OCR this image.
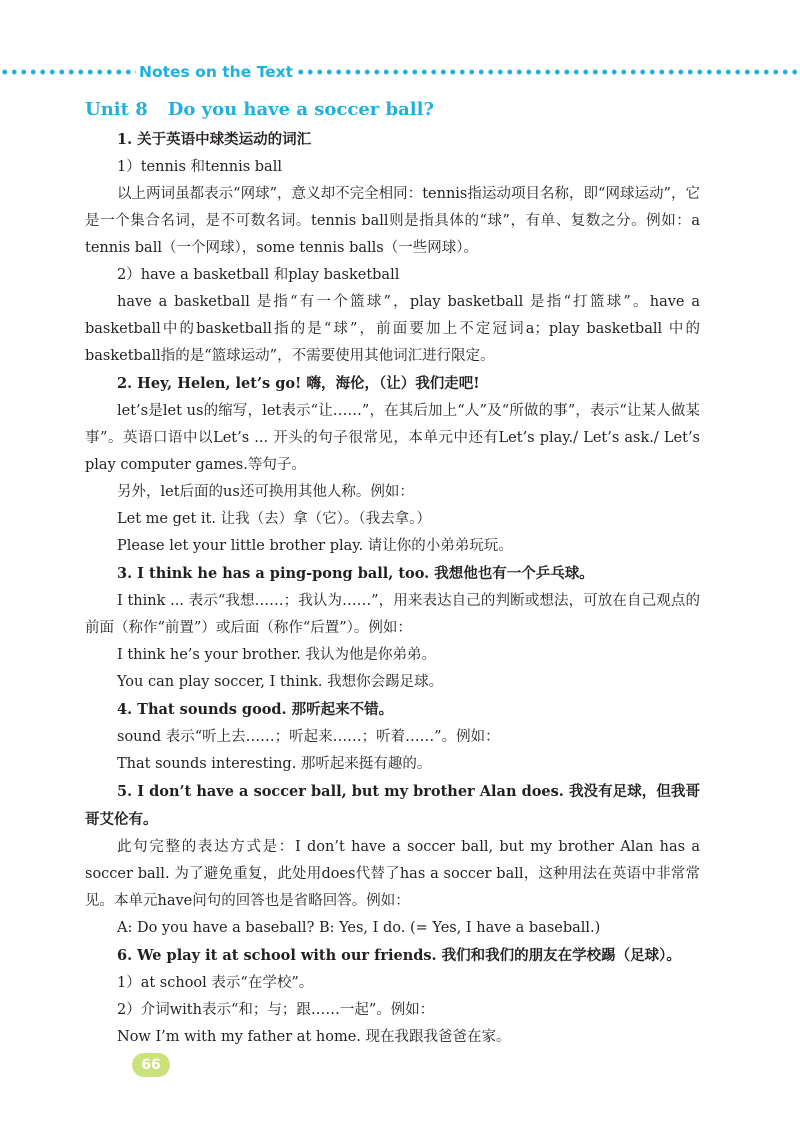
Notes on the Text
Unit 8 Do you have a soccer ball?

1. 关于英语中球类运动的词汇

1）tennis 和tennis ball

以上两词虽都表示“网球”，意义却不完全相同：tennis指运动项目名称，即“网球运动”，它是一个集合名词，是不可数名词。tennis ball则是指具体的“球”，有单、复数之分。例如：a tennis ball（一个网球），some tennis balls（一些网球）。

2）have a basketball 和play basketball

have a basketball 是指“有一个篮球”，play basketball 是指“打篮球”。have a basketball中的basketball指的是“球”，前面要加上不定冠词a；play basketball 中的basketball指的是“篮球运动”，不需要使用其他词汇进行限定。

2. Hey, Helen, let’s go! 嗨，海伦，（让）我们走吧!

let’s是let us的缩写，let表示“让……”，在其后加上“人”及“所做的事”，表示“让某人做某事”。英语口语中以Let’s ... 开头的句子很常见，本单元中还有Let’s play./ Let’s ask./ Let’s play computer games.等句子。

另外，let后面的us还可换用其他人称。例如：

Let me get it. 让我（去）拿（它）。（我去拿。）

Please let your little brother play. 请让你的小弟弟玩玩。

3. I think he has a ping-pong ball, too. 我想他也有一个乒乓球。

I think ... 表示“我想……；我认为……”，用来表达自己的判断或想法，可放在自己观点的前面（称作“前置”）或后面（称作“后置”）。例如：

I think he’s your brother. 我认为他是你弟弟。

You can play soccer, I think. 我想你会踢足球。

4. That sounds good. 那听起来不错。

sound 表示“听上去……；听起来……；听着……”。例如：

That sounds interesting. 那听起来挺有趣的。

5. I don’t have a soccer ball, but my brother Alan does. 我没有足球，但我哥哥艾伦有。

此句完整的表达方式是：I don’t have a soccer ball, but my brother Alan has a soccer ball. 为了避免重复，此处用does代替了has a soccer ball，这种用法在英语中非常常见。本单元have问句的回答也是省略回答。例如：

A: Do you have a baseball? B: Yes, I do. (= Yes, I have a baseball.)

6. We play it at school with our friends. 我们和我们的朋友在学校踢（足球）。

1）at school 表示“在学校”。

2）介词with表示“和；与；跟……一起”。例如：

Now I’m with my father at home. 现在我跟我爸爸在家。

66
